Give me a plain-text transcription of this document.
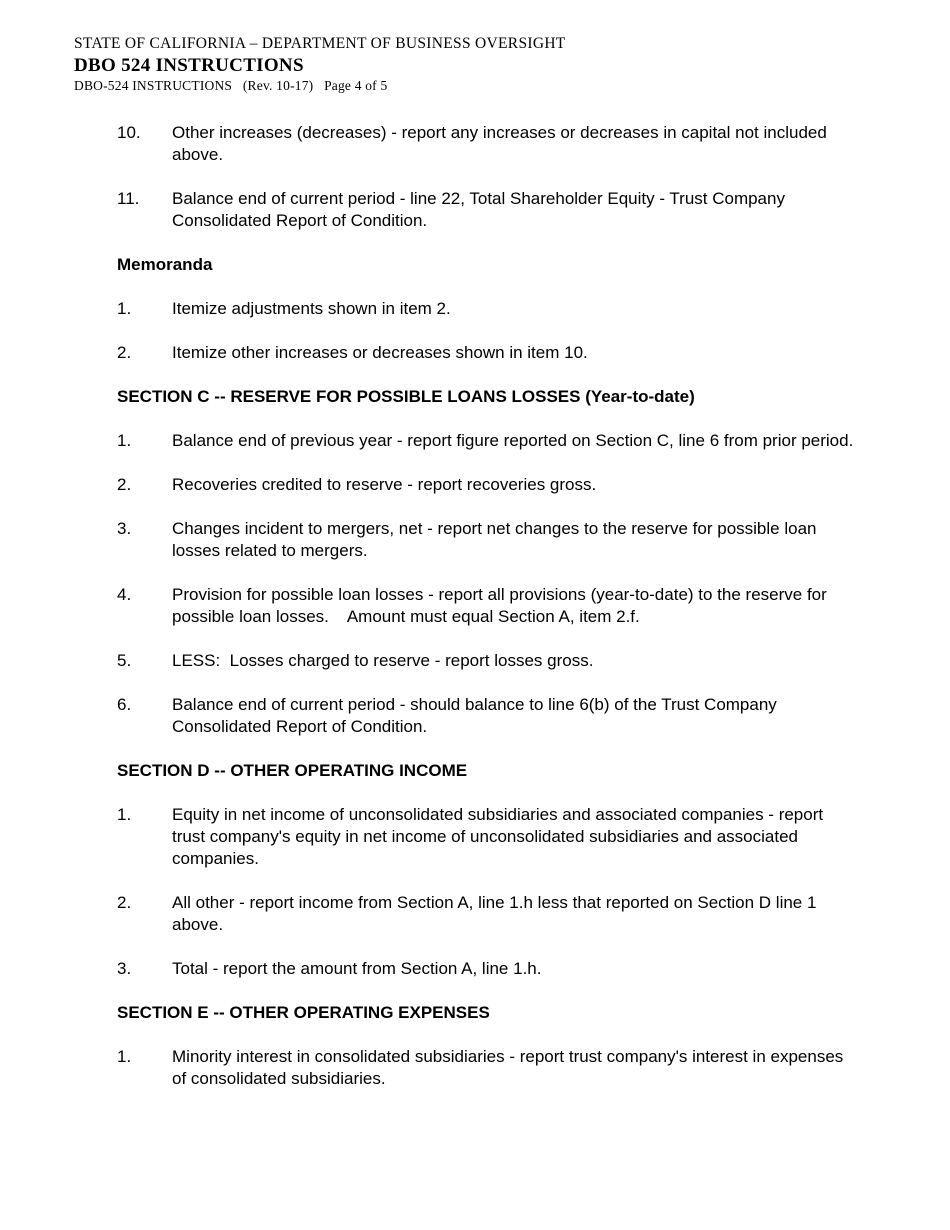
STATE OF CALIFORNIA – DEPARTMENT OF BUSINESS OVERSIGHT
DBO 524 INSTRUCTIONS
DBO-524 INSTRUCTIONS   (Rev. 10-17)   Page 4 of 5
10.	Other increases (decreases) - report any increases or decreases in capital not included above.
11.	Balance end of current period - line 22, Total Shareholder Equity - Trust Company Consolidated Report of Condition.
Memoranda
1.	Itemize adjustments shown in item 2.
2.	Itemize other increases or decreases shown in item 10.
SECTION C -- RESERVE FOR POSSIBLE LOANS LOSSES (Year-to-date)
1.	Balance end of previous year - report figure reported on Section C, line 6 from prior period.
2.	Recoveries credited to reserve - report recoveries gross.
3.	Changes incident to mergers, net - report net changes to the reserve for possible loan losses related to mergers.
4.	Provision for possible loan losses - report all provisions (year-to-date) to the reserve for possible loan losses.    Amount must equal Section A, item 2.f.
5.	LESS:  Losses charged to reserve - report losses gross.
6.	Balance end of current period - should balance to line 6(b) of the Trust Company Consolidated Report of Condition.
SECTION D -- OTHER OPERATING INCOME
1.	Equity in net income of unconsolidated subsidiaries and associated companies - report trust company's equity in net income of unconsolidated subsidiaries and associated companies.
2.	All other - report income from Section A, line 1.h less that reported on Section D line 1 above.
3.	Total - report the amount from Section A, line 1.h.
SECTION E -- OTHER OPERATING EXPENSES
1.	Minority interest in consolidated subsidiaries - report trust company's interest in expenses of consolidated subsidiaries.
